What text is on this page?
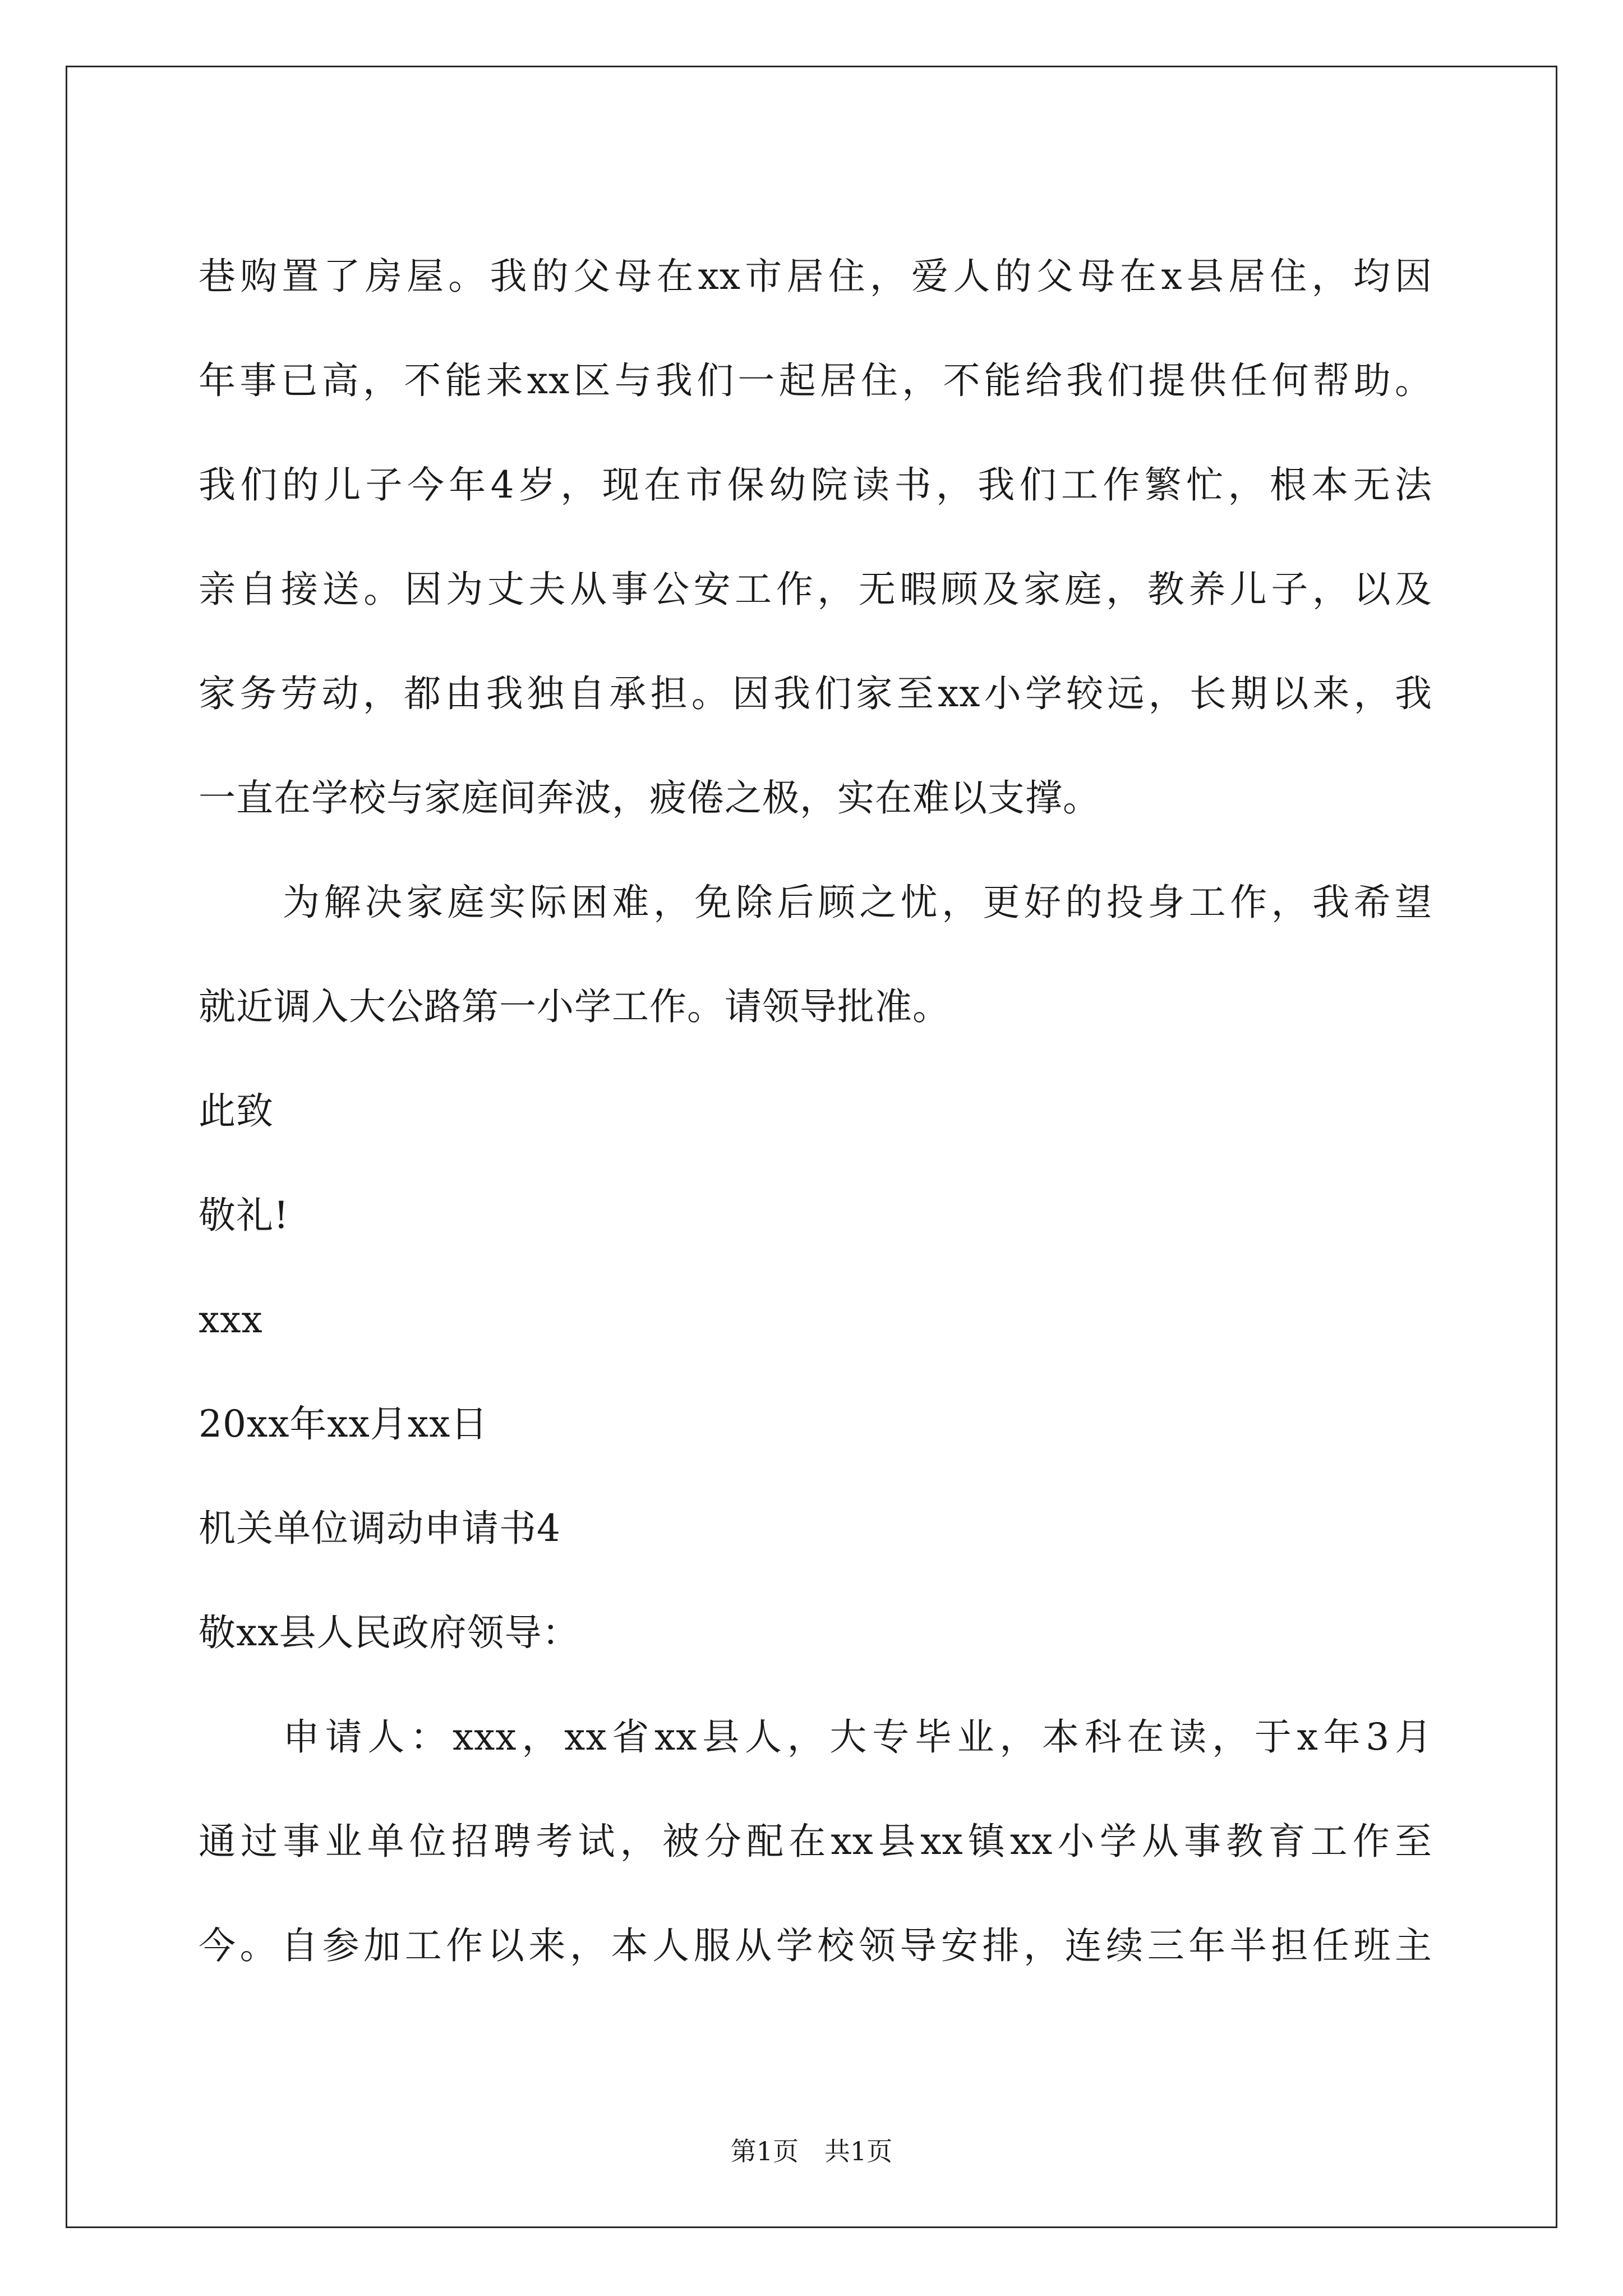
巷购置了房屋。我的父母在xx市居住，爱人的父母在x县居住，均因
年事已高，不能来xx区与我们一起居住，不能给我们提供任何帮助。
我们的儿子今年4岁，现在市保幼院读书，我们工作繁忙，根本无法
亲自接送。因为丈夫从事公安工作，无暇顾及家庭，教养儿子，以及
家务劳动，都由我独自承担。因我们家至xx小学较远，长期以来，我
一直在学校与家庭间奔波，疲倦之极，实在难以支撑。
为解决家庭实际困难，免除后顾之忧，更好的投身工作，我希望
就近调入大公路第一小学工作。请领导批准。
此致
敬礼!
xxx
20xx年xx月xx日
机关单位调动申请书4
敬xx县人民政府领导：
申请人：xxx，xx省xx县人，大专毕业，本科在读，于x年3月
通过事业单位招聘考试，被分配在xx县xx镇xx小学从事教育工作至
今。自参加工作以来，本人服从学校领导安排，连续三年半担任班主
第1页 共1页
